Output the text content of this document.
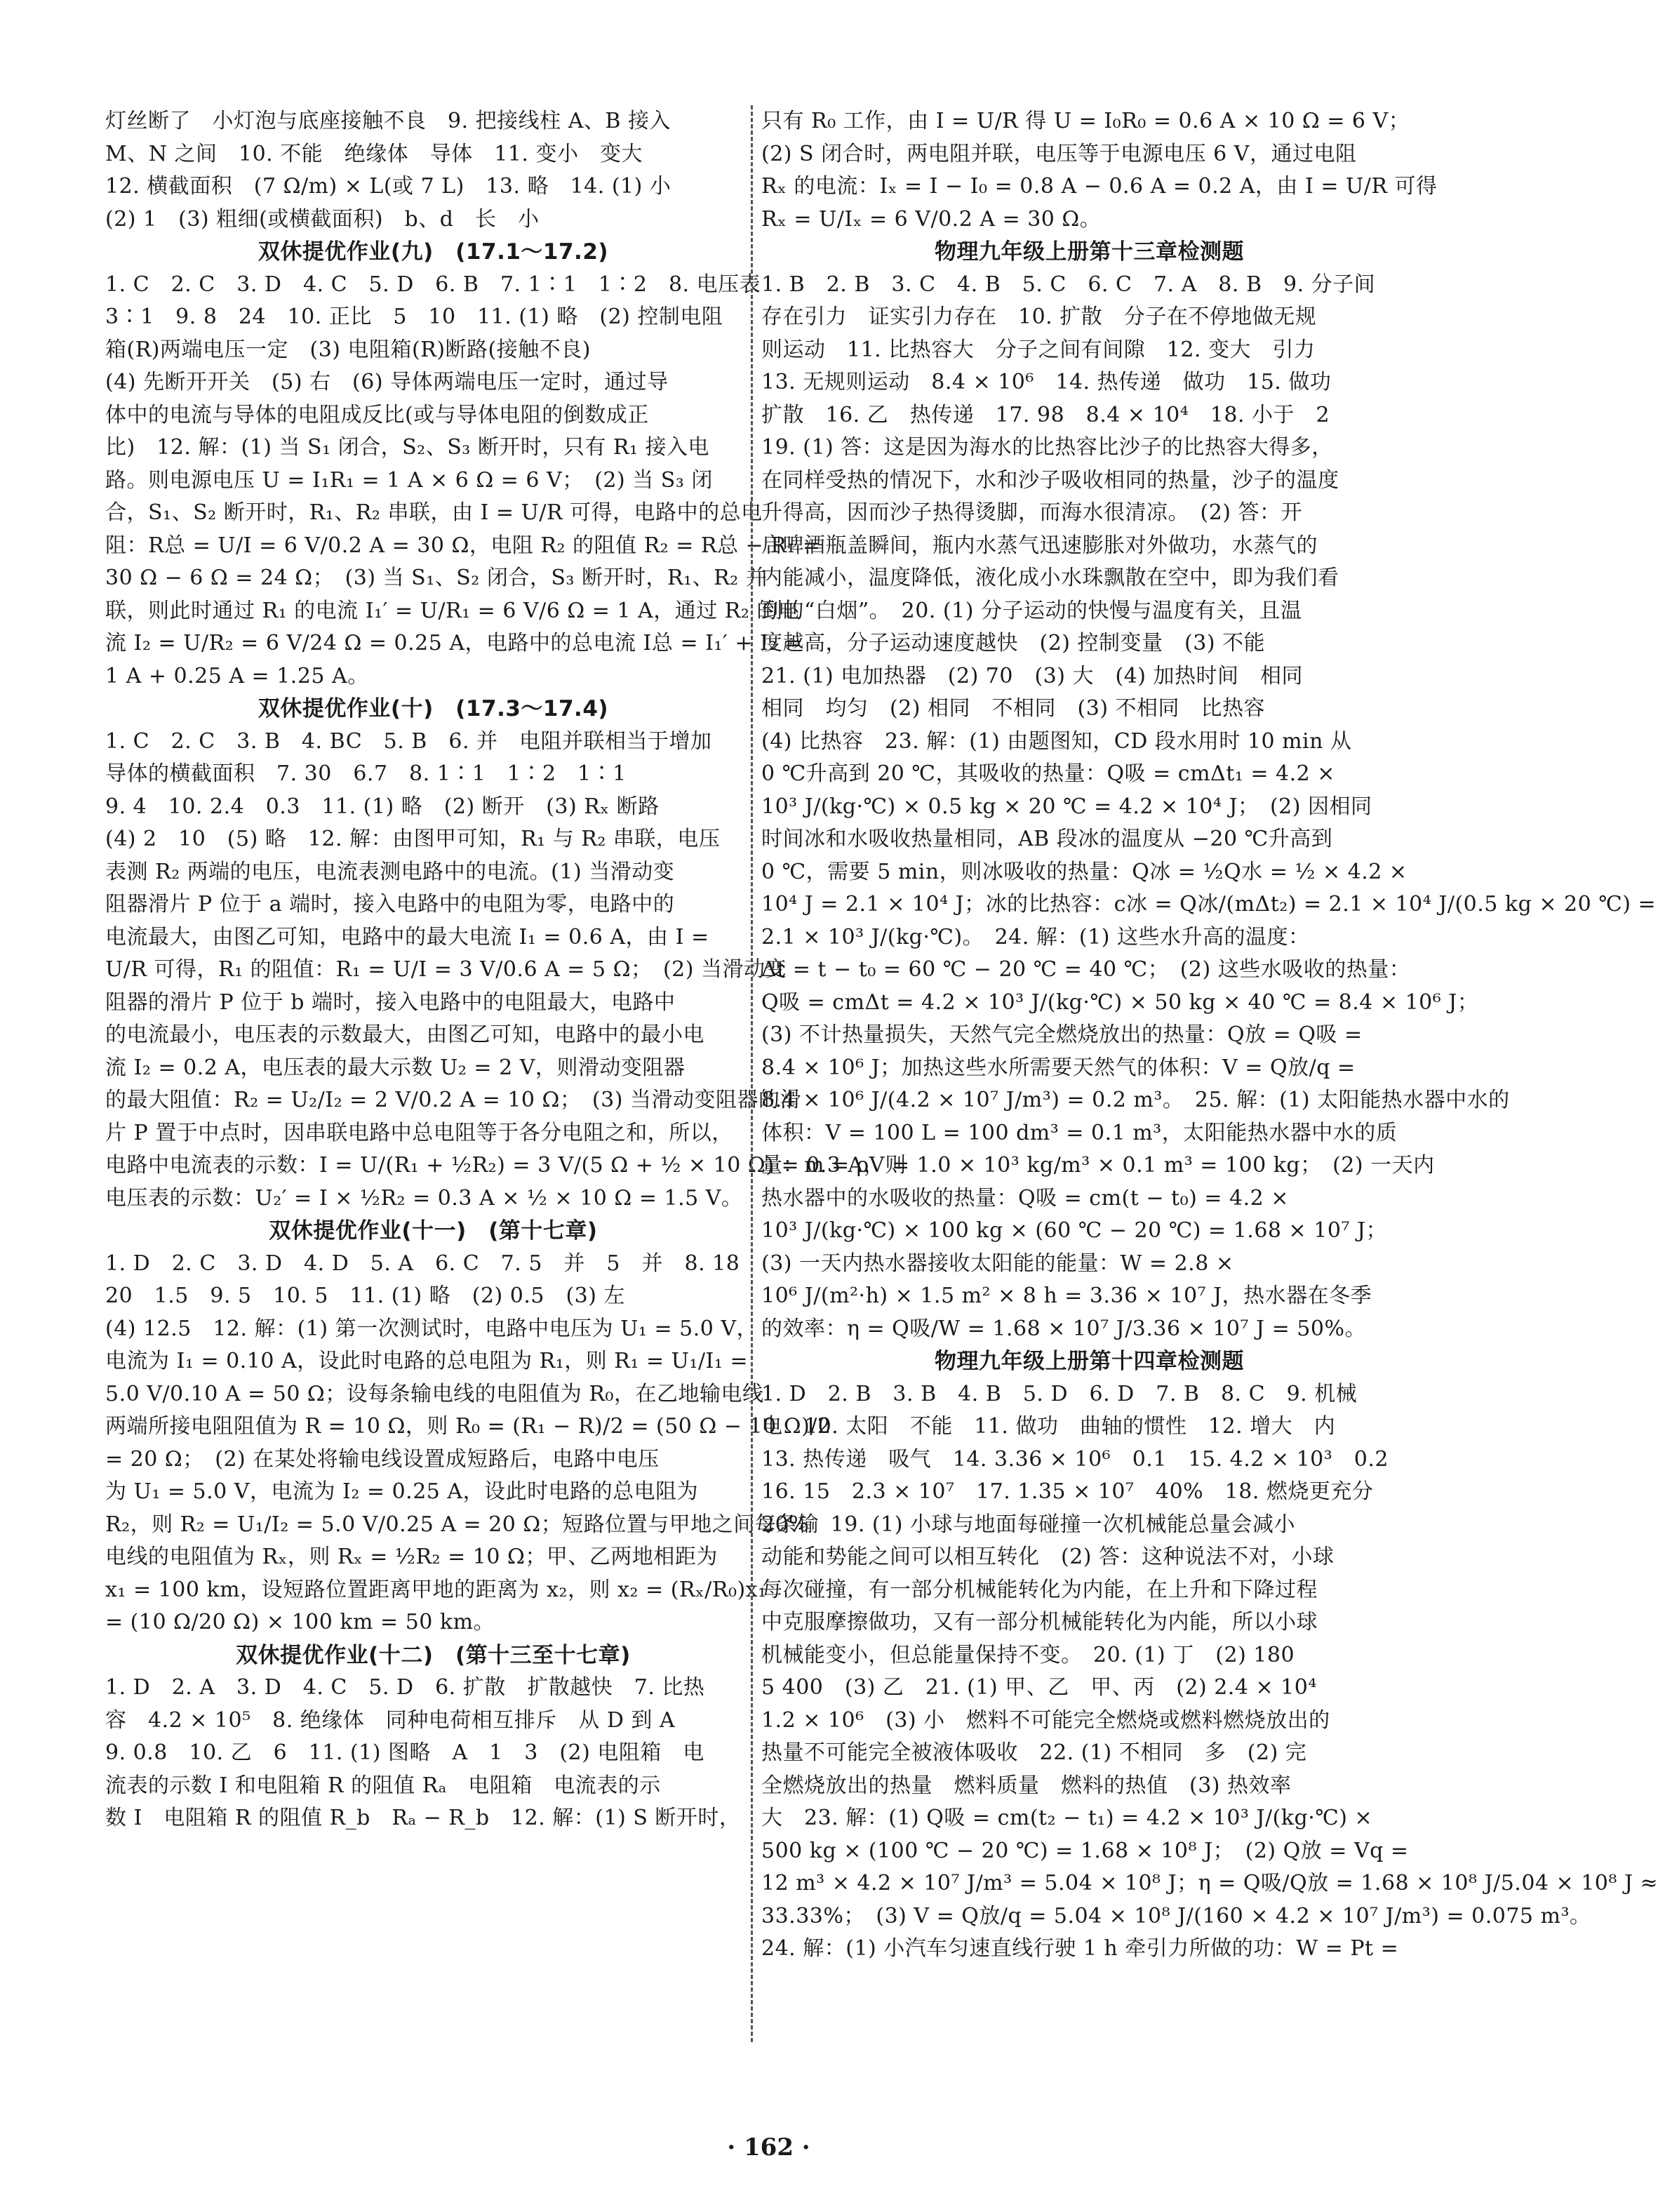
灯丝断了　小灯泡与底座接触不良　9. 把接线柱 A、B 接入
M、N 之间　10. 不能　绝缘体　导体　11. 变小　变大
12. 横截面积　(7 Ω/m) × L(或 7 L)　13. 略　14. (1) 小
(2) 1　(3) 粗细(或横截面积)　b、d　长　小
双休提优作业(九)　(17.1～17.2)
1. C　2. C　3. D　4. C　5. D　6. B　7. 1∶1　1∶2　8. 电压表
3∶1　9. 8　24　10. 正比　5　10　11. (1) 略　(2) 控制电阻
箱(R)两端电压一定　(3) 电阻箱(R)断路(接触不良)
(4) 先断开开关　(5) 右　(6) 导体两端电压一定时，通过导
体中的电流与导体的电阻成反比(或与导体电阻的倒数成正
比)　12. 解：(1) 当 S₁ 闭合，S₂、S₃ 断开时，只有 R₁ 接入电
路。则电源电压 U = I₁R₁ = 1 A × 6 Ω = 6 V；　(2) 当 S₃ 闭
合，S₁、S₂ 断开时，R₁、R₂ 串联，由 I = U/R 可得，电路中的总电
阻：R总 = U/I = 6 V/0.2 A = 30 Ω，电阻 R₂ 的阻值 R₂ = R总 − R₁ =
30 Ω − 6 Ω = 24 Ω；　(3) 当 S₁、S₂ 闭合，S₃ 断开时，R₁、R₂ 并
联，则此时通过 R₁ 的电流 I₁′ = U/R₁ = 6 V/6 Ω = 1 A，通过 R₂ 的电
流 I₂ = U/R₂ = 6 V/24 Ω = 0.25 A，电路中的总电流 I总 = I₁′ + I₂ =
1 A + 0.25 A = 1.25 A。
双休提优作业(十)　(17.3～17.4)
1. C　2. C　3. B　4. BC　5. B　6. 并　电阻并联相当于增加
导体的横截面积　7. 30　6.7　8. 1∶1　1∶2　1∶1
9. 4　10. 2.4　0.3　11. (1) 略　(2) 断开　(3) Rₓ 断路
(4) 2　10　(5) 略　12. 解：由图甲可知，R₁ 与 R₂ 串联，电压
表测 R₂ 两端的电压，电流表测电路中的电流。(1) 当滑动变
阻器滑片 P 位于 a 端时，接入电路中的电阻为零，电路中的
电流最大，由图乙可知，电路中的最大电流 I₁ = 0.6 A，由 I =
U/R 可得，R₁ 的阻值：R₁ = U/I = 3 V/0.6 A = 5 Ω；　(2) 当滑动变
阻器的滑片 P 位于 b 端时，接入电路中的电阻最大，电路中
的电流最小，电压表的示数最大，由图乙可知，电路中的最小电
流 I₂ = 0.2 A，电压表的最大示数 U₂ = 2 V，则滑动变阻器
的最大阻值：R₂ = U₂/I₂ = 2 V/0.2 A = 10 Ω；　(3) 当滑动变阻器的滑
片 P 置于中点时，因串联电路中总电阻等于各分电阻之和，所以，
电路中电流表的示数：I = U/(R₁ + ½R₂) = 3 V/(5 Ω + ½ × 10 Ω) = 0.3 A，则
电压表的示数：U₂′ = I × ½R₂ = 0.3 A × ½ × 10 Ω = 1.5 V。
双休提优作业(十一)　(第十七章)
1. D　2. C　3. D　4. D　5. A　6. C　7. 5　并　5　并　8. 18
20　1.5　9. 5　10. 5　11. (1) 略　(2) 0.5　(3) 左
(4) 12.5　12. 解：(1) 第一次测试时，电路中电压为 U₁ = 5.0 V，
电流为 I₁ = 0.10 A，设此时电路的总电阻为 R₁，则 R₁ = U₁/I₁ =
5.0 V/0.10 A = 50 Ω；设每条输电线的电阻值为 R₀，在乙地输电线
两端所接电阻阻值为 R = 10 Ω，则 R₀ = (R₁ − R)/2 = (50 Ω − 10 Ω)/2
= 20 Ω；　(2) 在某处将输电线设置成短路后，电路中电压
为 U₁ = 5.0 V，电流为 I₂ = 0.25 A，设此时电路的总电阻为
R₂，则 R₂ = U₁/I₂ = 5.0 V/0.25 A = 20 Ω；短路位置与甲地之间每条输
电线的电阻值为 Rₓ，则 Rₓ = ½R₂ = 10 Ω；甲、乙两地相距为
x₁ = 100 km，设短路位置距离甲地的距离为 x₂，则 x₂ = (Rₓ/R₀)x₁
= (10 Ω/20 Ω) × 100 km = 50 km。
双休提优作业(十二)　(第十三至十七章)
1. D　2. A　3. D　4. C　5. D　6. 扩散　扩散越快　7. 比热
容　4.2 × 10⁵　8. 绝缘体　同种电荷相互排斥　从 D 到 A
9. 0.8　10. 乙　6　11. (1) 图略　A　1　3　(2) 电阻箱　电
流表的示数 I 和电阻箱 R 的阻值 Rₐ　电阻箱　电流表的示
数 I　电阻箱 R 的阻值 R_b　Rₐ − R_b　12. 解：(1) S 断开时，
只有 R₀ 工作，由 I = U/R 得 U = I₀R₀ = 0.6 A × 10 Ω = 6 V；
(2) S 闭合时，两电阻并联，电压等于电源电压 6 V，通过电阻
Rₓ 的电流：Iₓ = I − I₀ = 0.8 A − 0.6 A = 0.2 A，由 I = U/R 可得
Rₓ = U/Iₓ = 6 V/0.2 A = 30 Ω。
物理九年级上册第十三章检测题
1. B　2. B　3. C　4. B　5. C　6. C　7. A　8. B　9. 分子间
存在引力　证实引力存在　10. 扩散　分子在不停地做无规
则运动　11. 比热容大　分子之间有间隙　12. 变大　引力
13. 无规则运动　8.4 × 10⁶　14. 热传递　做功　15. 做功
扩散　16. 乙　热传递　17. 98　8.4 × 10⁴　18. 小于　2
19. (1) 答：这是因为海水的比热容比沙子的比热容大得多，
在同样受热的情况下，水和沙子吸收相同的热量，沙子的温度
升得高，因而沙子热得烫脚，而海水很清凉。　(2) 答：开
启啤酒瓶盖瞬间，瓶内水蒸气迅速膨胀对外做功，水蒸气的
内能减小，温度降低，液化成小水珠飘散在空中，即为我们看
到的“白烟”。　20. (1) 分子运动的快慢与温度有关，且温
度越高，分子运动速度越快　(2) 控制变量　(3) 不能
21. (1) 电加热器　(2) 70　(3) 大　(4) 加热时间　相同
相同　均匀　(2) 相同　不相同　(3) 不相同　比热容
(4) 比热容　23. 解：(1) 由题图知，CD 段水用时 10 min 从
0 ℃升高到 20 ℃，其吸收的热量：Q吸 = cmΔt₁ = 4.2 ×
10³ J/(kg·℃) × 0.5 kg × 20 ℃ = 4.2 × 10⁴ J；　(2) 因相同
时间冰和水吸收热量相同，AB 段冰的温度从 −20 ℃升高到
0 ℃，需要 5 min，则冰吸收的热量：Q冰 = ½Q水 = ½ × 4.2 ×
10⁴ J = 2.1 × 10⁴ J；冰的比热容：c冰 = Q冰/(mΔt₂) = 2.1 × 10⁴ J/(0.5 kg × 20 ℃) =
2.1 × 10³ J/(kg·℃)。　24. 解：(1) 这些水升高的温度：
Δt = t − t₀ = 60 ℃ − 20 ℃ = 40 ℃；　(2) 这些水吸收的热量：
Q吸 = cmΔt = 4.2 × 10³ J/(kg·℃) × 50 kg × 40 ℃ = 8.4 × 10⁶ J；
(3) 不计热量损失，天然气完全燃烧放出的热量：Q放 = Q吸 =
8.4 × 10⁶ J；加热这些水所需要天然气的体积：V = Q放/q =
8.4 × 10⁶ J/(4.2 × 10⁷ J/m³) = 0.2 m³。　25. 解：(1) 太阳能热水器中水的
体积：V = 100 L = 100 dm³ = 0.1 m³，太阳能热水器中水的质
量：m = ρV = 1.0 × 10³ kg/m³ × 0.1 m³ = 100 kg；　(2) 一天内
热水器中的水吸收的热量：Q吸 = cm(t − t₀) = 4.2 ×
10³ J/(kg·℃) × 100 kg × (60 ℃ − 20 ℃) = 1.68 × 10⁷ J；
(3) 一天内热水器接收太阳能的能量：W = 2.8 ×
10⁶ J/(m²·h) × 1.5 m² × 8 h = 3.36 × 10⁷ J，热水器在冬季
的效率：η = Q吸/W = 1.68 × 10⁷ J/3.36 × 10⁷ J = 50%。
物理九年级上册第十四章检测题
1. D　2. B　3. B　4. B　5. D　6. D　7. B　8. C　9. 机械
电　10. 太阳　不能　11. 做功　曲轴的惯性　12. 增大　内
13. 热传递　吸气　14. 3.36 × 10⁶　0.1　15. 4.2 × 10³　0.2
16. 15　2.3 × 10⁷　17. 1.35 × 10⁷　40%　18. 燃烧更充分
20%　19. (1) 小球与地面每碰撞一次机械能总量会减小
动能和势能之间可以相互转化　(2) 答：这种说法不对，小球
每次碰撞，有一部分机械能转化为内能，在上升和下降过程
中克服摩擦做功，又有一部分机械能转化为内能，所以小球
机械能变小，但总能量保持不变。　20. (1) 丁　(2) 180
5 400　(3) 乙　21. (1) 甲、乙　甲、丙　(2) 2.4 × 10⁴
1.2 × 10⁶　(3) 小　燃料不可能完全燃烧或燃料燃烧放出的
热量不可能完全被液体吸收　22. (1) 不相同　多　(2) 完
全燃烧放出的热量　燃料质量　燃料的热值　(3) 热效率
大　23. 解：(1) Q吸 = cm(t₂ − t₁) = 4.2 × 10³ J/(kg·℃) ×
500 kg × (100 ℃ − 20 ℃) = 1.68 × 10⁸ J；　(2) Q放 = Vq =
12 m³ × 4.2 × 10⁷ J/m³ = 5.04 × 10⁸ J；η = Q吸/Q放 = 1.68 × 10⁸ J/5.04 × 10⁸ J ≈
33.33%；　(3) V = Q放/q = 5.04 × 10⁸ J/(160 × 4.2 × 10⁷ J/m³) = 0.075 m³。
24. 解：(1) 小汽车匀速直线行驶 1 h 牵引力所做的功：W = Pt =
· 162 ·
